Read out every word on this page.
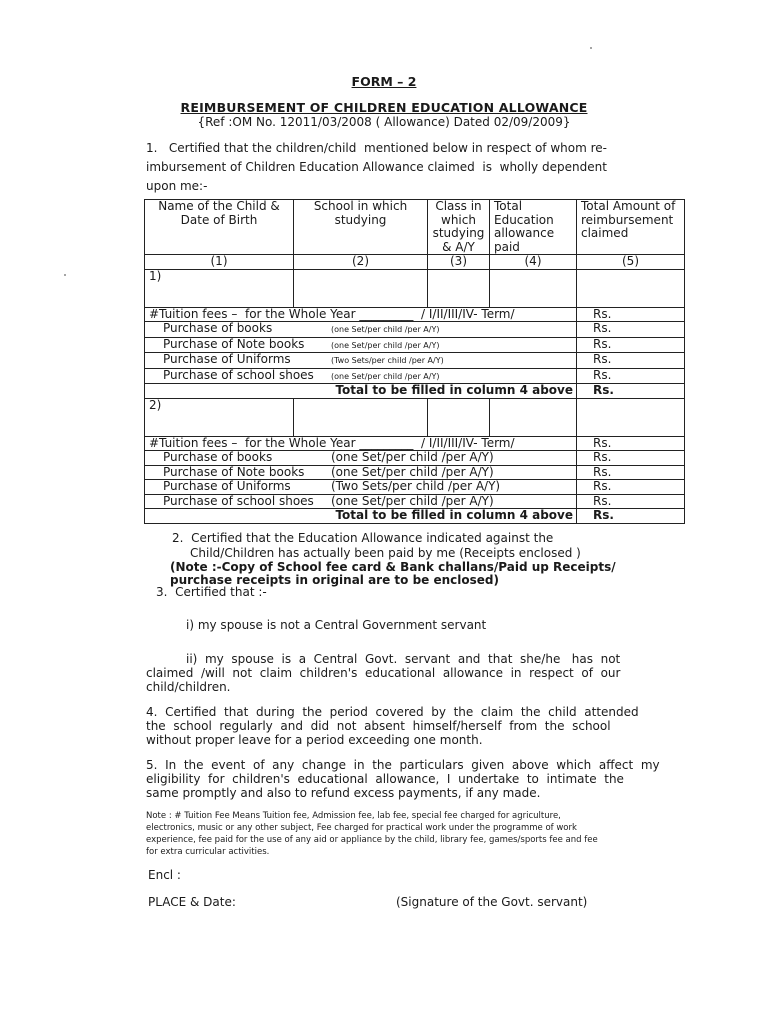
FORM – 2
REIMBURSEMENT OF CHILDREN EDUCATION ALLOWANCE
{Ref :OM No. 12011/03/2008 ( Allowance) Dated 02/09/2009}
1.   Certified that the children/child  mentioned below in respect of whom re-
imbursement of Children Education Allowance claimed  is  wholly dependent
upon me:-
Name of the Child & Date of Birth	School in which studying	Class in which studying & A/Y	Total Education allowance paid	Total Amount of reimbursement claimed
(1)	(2)	(3)	(4)	(5)
1)				
#Tuition fees –  for the Whole Year _________  / I/II/III/IV- Term/				Rs.
Purchase of books (one Set/per child /per A/Y)				Rs.
Purchase of Note books (one Set/per child /per A/Y)				Rs.
Purchase of Uniforms (Two Sets/per child /per A/Y)				Rs.
Purchase of school shoes (one Set/per child /per A/Y)				Rs.
Total to be filled in column 4 above				Rs.
2)				
#Tuition fees –  for the Whole Year _________  / I/II/III/IV- Term/				Rs.
Purchase of books (one Set/per child /per A/Y)				Rs.
Purchase of Note books (one Set/per child /per A/Y)				Rs.
Purchase of Uniforms (Two Sets/per child /per A/Y)				Rs.
Purchase of school shoes (one Set/per child /per A/Y)				Rs.
Total to be filled in column 4 above				Rs.
2.  Certified that the Education Allowance indicated against the
Child/Children has actually been paid by me (Receipts enclosed )
(Note :-Copy of School fee card & Bank challans/Paid up Receipts/
purchase receipts in original are to be enclosed)
3.  Certified that :-
i) my spouse is not a Central Government servant
ii)  my  spouse  is  a  Central  Govt.  servant  and  that  she/he   has  not
claimed  /will  not  claim  children's  educational  allowance  in  respect  of  our
child/children.
4.  Certified  that  during  the  period  covered  by  the  claim  the  child  attended
the  school  regularly  and  did  not  absent  himself/herself  from  the  school
without proper leave for a period exceeding one month.
5.  In  the  event  of  any  change  in  the  particulars  given  above  which  affect  my
eligibility  for  children's  educational  allowance,  I  undertake  to  intimate  the
same promptly and also to refund excess payments, if any made.
Note : # Tuition Fee Means Tuition fee, Admission fee, lab fee, special fee charged for agriculture,
electronics, music or any other subject, Fee charged for practical work under the programme of work
experience, fee paid for the use of any aid or appliance by the child, library fee, games/sports fee and fee
for extra curricular activities.
Encl :
PLACE & Date:	(Signature of the Govt. servant)
